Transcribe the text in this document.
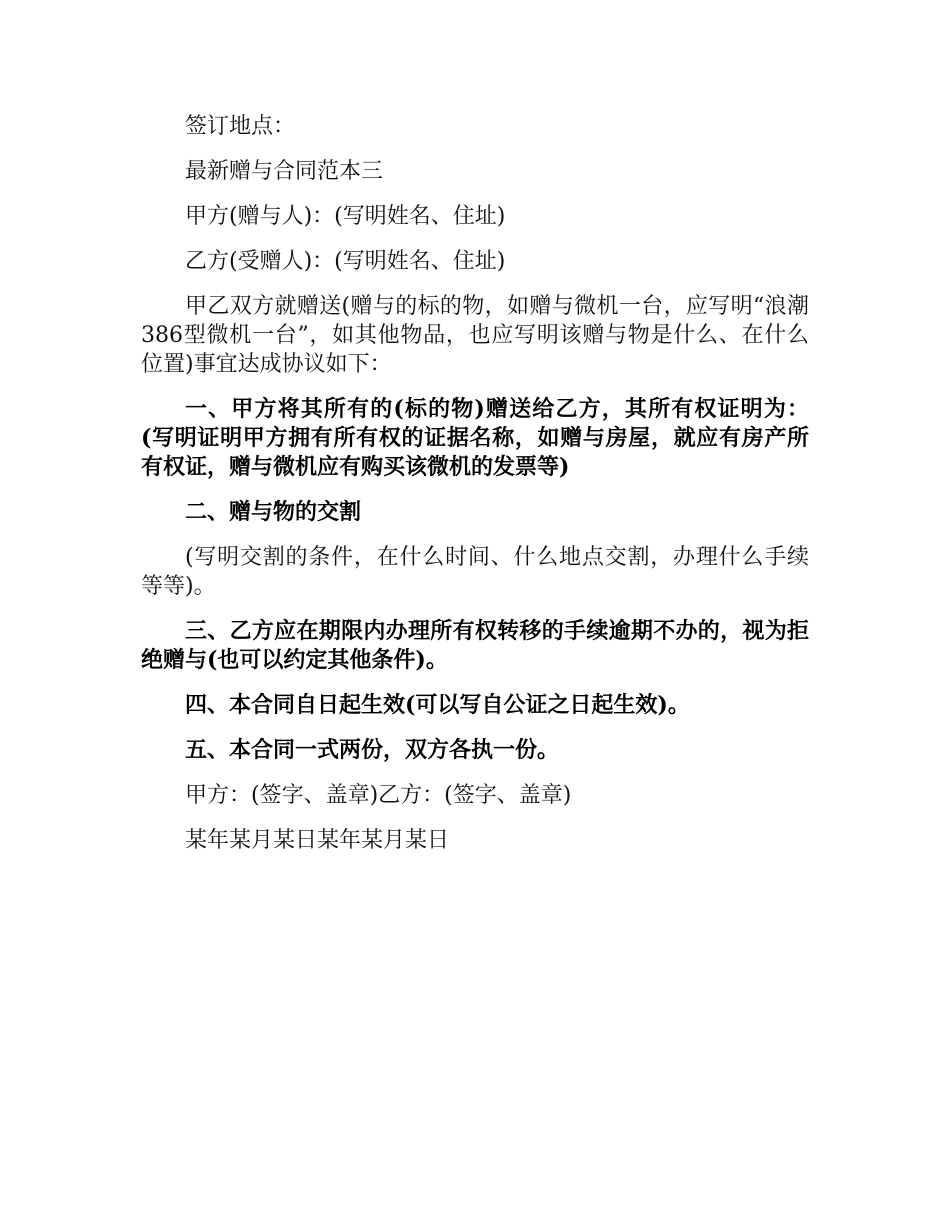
签订地点：

最新赠与合同范本三

甲方(赠与人)：(写明姓名、住址)

乙方(受赠人)：(写明姓名、住址)

甲乙双方就赠送(赠与的标的物，如赠与微机一台，应写明“浪潮386型微机一台”，如其他物品，也应写明该赠与物是什么、在什么位置)事宜达成协议如下：

一、甲方将其所有的(标的物)赠送给乙方，其所有权证明为：(写明证明甲方拥有所有权的证据名称，如赠与房屋，就应有房产所有权证，赠与微机应有购买该微机的发票等)

二、赠与物的交割

(写明交割的条件，在什么时间、什么地点交割，办理什么手续等等)。

三、乙方应在期限内办理所有权转移的手续逾期不办的，视为拒绝赠与(也可以约定其他条件)。

四、本合同自日起生效(可以写自公证之日起生效)。

五、本合同一式两份，双方各执一份。

甲方：(签字、盖章)乙方：(签字、盖章)

某年某月某日某年某月某日
